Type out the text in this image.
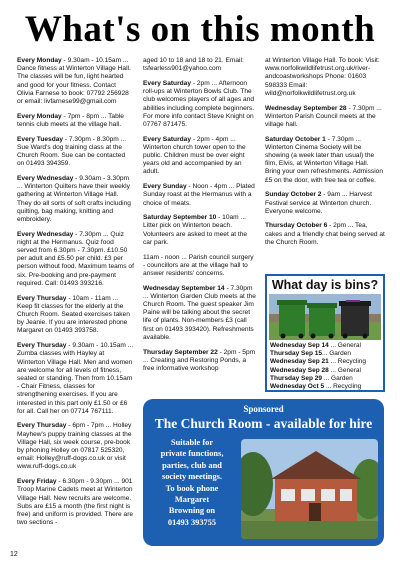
What's on this month
Every Monday - 9.30am - 10.15am ... Dance fitness at Winterton Village Hall. The classes will be fun, light hearted and good for your fitness. Contact Olivia Farnese to book: 07792 256928 or email: livfarnese99@gmail.com
Every Monday - 7pm - 8pm ... Table tennis club meets at the village hall.
Every Tuesday - 7.30pm - 8.30pm ... Sue Ward's dog training class at the Church Room. Sue can be contacted on 01493 394359.
Every Wednesday - 9.30am - 3.30pm ... Winterton Quilters have their weekly gathering at Winterton Village Hall. They do all sorts of soft crafts including quilting, bag making, knitting and embroidery.
Every Wednesday - 7.30pm ... Quiz night at the Hermanus. Quiz food served from 6.30pm - 7.30pm. £10.50 per adult and £5.50 per child. £3 per person without food. Maximum teams of six. Pre-booking and pre-payment required. Call: 01493 393216.
Every Thursday - 10am - 11am ... Keep fit classes for the elderly at the Church Room. Seated exercises taken by Jeanie. If you are interested phone Margaret on 01493 393758.
Every Thursday - 9.30am - 10.15am ... Zumba classes with Hayley at Winterton Village Hall. Men and women are welcome for all levels of fitness, seated or standing. Then from 10.15am - Chair Fitness, classes for strengthening exercises. If you are interested in this part only £1.50 or £6 for all. Call her on 07714 767111.
Every Thursday - 6pm - 7pm ... Holley Mayhew's puppy training classes at the Village Hall, six week course, pre-book by phoning Holley on 07817 525320, email: Holley@ruff-dogs.co.uk or visit www.ruff-dogs.co.uk
Every Friday - 6.30pm - 9.30pm ... 901 Troop Marine Cadets meet at Winterton Village Hall. New recruits are welcome. Subs are £15 a month (the first night is free) and uniform is provided. There are two sections -
aged 10 to 18 and 18 to 21. Email: tsfearless901@yahoo.com
Every Saturday - 2pm ... Afternoon roll-ups at Winterton Bowls Club. The club welcomes players of all ages and abilities including complete beginners. For more info contact Steve Knight on 07767 871475.
Every Saturday - 2pm - 4pm ... Winterton church tower open to the public. Children must be over eight years old and accompanied by an adult.
Every Sunday - Noon - 4pm ... Plated Sunday roast at the Hermanus with a choice of meats.
Saturday September 10 - 10am ... Litter pick on Winterton beach. Volunteers are asked to meet at the car park.
11am - noon ... Parish council surgery - councillors are at the village hall to answer residents' concerns.
Wednesday September 14 - 7.30pm ... Winterton Garden Club meets at the Church Room. The guest speaker Jim Paine will be talking about the secret life of plants. Non-members £3 (call first on 01493 393420). Refreshments available.
Thursday September 22 - 2pm - 5pm ... Creating and Restoring Ponds, a free informative workshop
at Winterton Village Hall. To book: Visit: www.norfolkwildlifetrust.org.uk/river-andcoastworkshops Phone: 01603 598333 Email: wild@norfolkwildlifetrust.org.uk
Wednesday September 28 - 7.30pm ... Winterton Parish Council meets at the village hall.
Saturday October 1 - 7.30pm ... Winterton Cinema Society will be showing (a week later than usual) the film, Elvis, at Winterton Village Hall. Bring your own refreshments. Admission £5 on the door, with free tea or coffee.
Sunday October 2 - 9am ... Harvest Festival service at Winterton church. Everyone welcome.
Thursday October 6 - 2pm ... Tea, cakes and a friendly chat being served at the Church Room.
What day is bins?
Wednesday Sep 14 ... General
Thursday Sep 15... Garden
Wednesday Sep 21 ... Recycling
Wednesday Sep 28 ... General
Thursday Sep 29 ... Garden
Wednesday Oct 5 ... Recycling
Sponsored
The Church Room - available for hire
Suitable for
private functions,
parties, club and
society meetings.
To book phone
Margaret
Browning on
01493 393755
12
